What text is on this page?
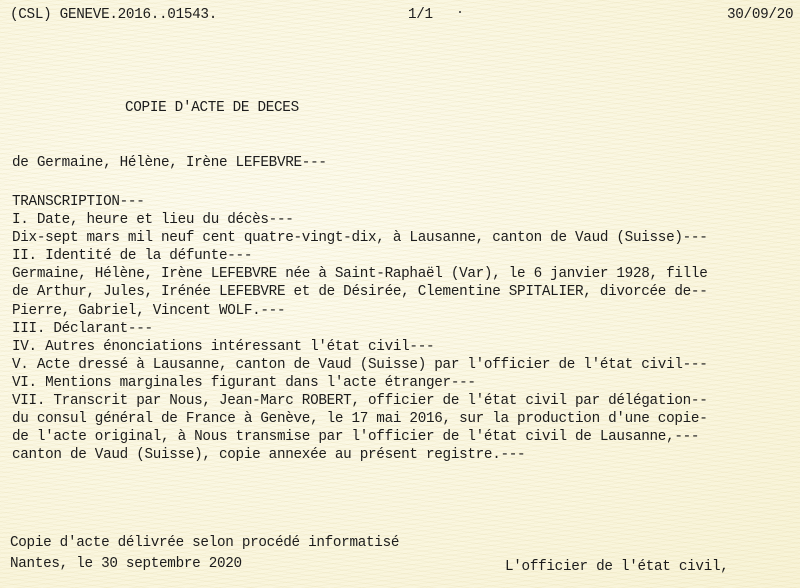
(CSL) GENEVE.2016..01543.	1/1	30/09/20
COPIE D'ACTE DE DECES
de Germaine, Hélène, Irène LEFEBVRE---
TRANSCRIPTION---
I. Date, heure et lieu du décès---
Dix-sept mars mil neuf cent quatre-vingt-dix, à Lausanne, canton de Vaud (Suisse)---
II. Identité de la défunte---
Germaine, Hélène, Irène LEFEBVRE née à Saint-Raphaël (Var), le 6 janvier 1928, fille
de Arthur, Jules, Irénée LEFEBVRE et de Désirée, Clementine SPITALIER, divorcée de--
Pierre, Gabriel, Vincent WOLF.---
III. Déclarant---
IV. Autres énonciations intéressant l'état civil---
V. Acte dressé à Lausanne, canton de Vaud (Suisse) par l'officier de l'état civil---
VI. Mentions marginales figurant dans l'acte étranger---
VII. Transcrit par Nous, Jean-Marc ROBERT, officier de l'état civil par délégation--
du consul général de France à Genève, le 17 mai 2016, sur la production d'une copie-
de l'acte original, à Nous transmise par l'officier de l'état civil de Lausanne,---
canton de Vaud (Suisse), copie annexée au présent registre.---
Copie d'acte délivrée selon procédé informatisé
Nantes, le 30 septembre 2020	L'officier de l'état civil,
